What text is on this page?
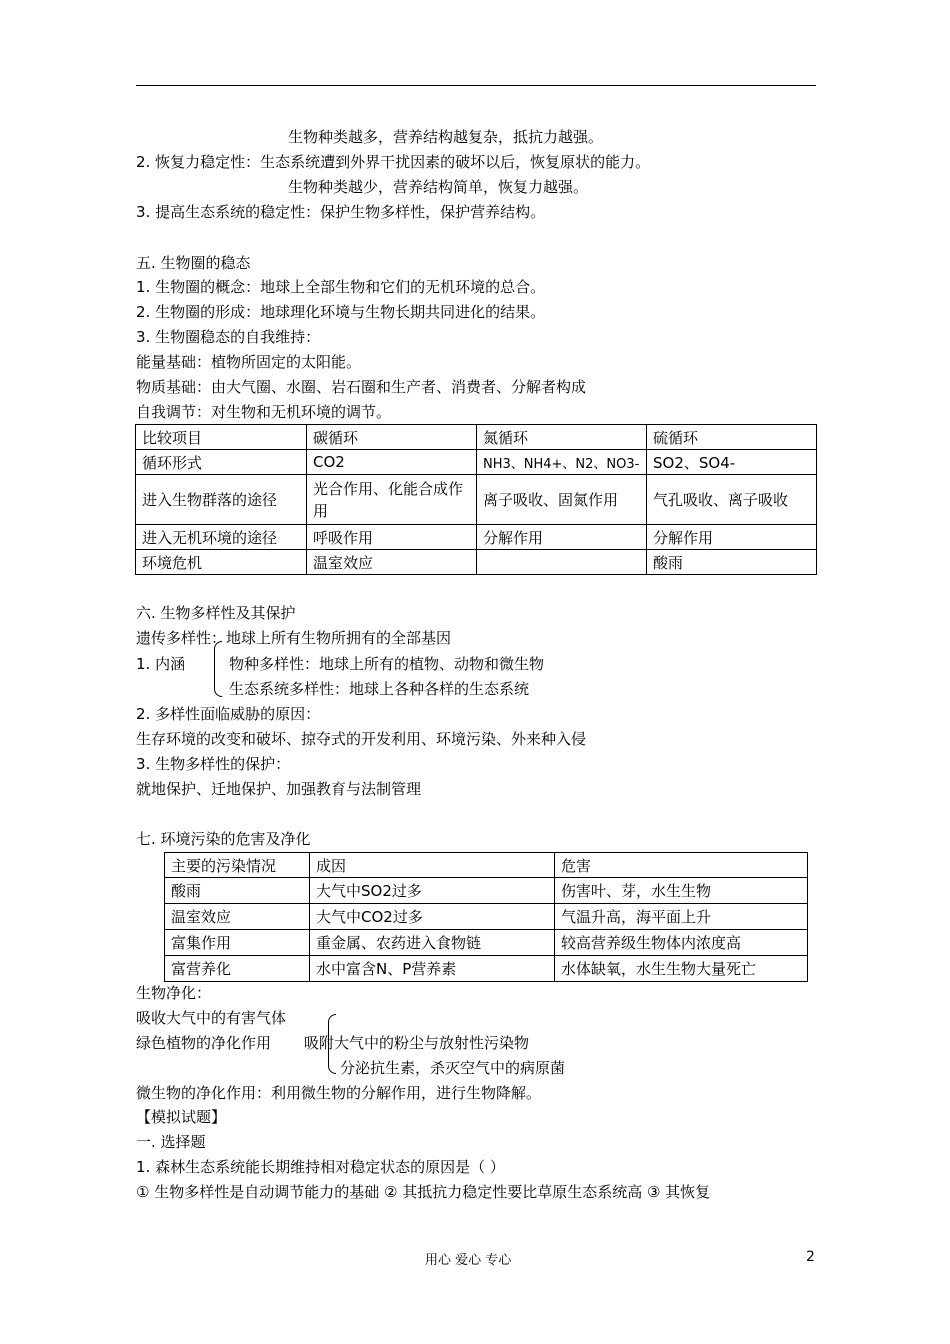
生物种类越多，营养结构越复杂，抵抗力越强。
2. 恢复力稳定性：生态系统遭到外界干扰因素的破坏以后，恢复原状的能力。
生物种类越少，营养结构简单，恢复力越强。
3. 提高生态系统的稳定性：保护生物多样性，保护营养结构。
五. 生物圈的稳态
1. 生物圈的概念：地球上全部生物和它们的无机环境的总合。
2. 生物圈的形成：地球理化环境与生物长期共同进化的结果。
3. 生物圈稳态的自我维持：
能量基础：植物所固定的太阳能。
物质基础：由大气圈、水圈、岩石圈和生产者、消费者、分解者构成
自我调节：对生物和无机环境的调节。
比较项目	碳循环	氮循环	硫循环
循环形式	CO2	NH3、NH4+、N2、NO3-	SO2、SO4-
进入生物群落的途径	光合作用、化能合成作用	离子吸收、固氮作用	气孔吸收、离子吸收
进入无机环境的途径	呼吸作用	分解作用	分解作用
环境危机	温室效应		酸雨
六. 生物多样性及其保护
遗传多样性：地球上所有生物所拥有的全部基因
1. 内涵	物种多样性：地球上所有的植物、动物和微生物
生态系统多样性：地球上各种各样的生态系统
2. 多样性面临威胁的原因：
生存环境的改变和破坏、掠夺式的开发利用、环境污染、外来种入侵
3. 生物多样性的保护：
就地保护、迁地保护、加强教育与法制管理
七. 环境污染的危害及净化
主要的污染情况	成因	危害
酸雨	大气中SO2过多	伤害叶、芽，水生生物
温室效应	大气中CO2过多	气温升高，海平面上升
富集作用	重金属、农药进入食物链	较高营养级生物体内浓度高
富营养化	水中富含N、P营养素	水体缺氧，水生生物大量死亡
生物净化：
吸收大气中的有害气体
绿色植物的净化作用 吸附大气中的粉尘与放射性污染物
分泌抗生素，杀灭空气中的病原菌
微生物的净化作用：利用微生物的分解作用，进行生物降解。
【模拟试题】
一. 选择题
1. 森林生态系统能长期维持相对稳定状态的原因是（ ）
① 生物多样性是自动调节能力的基础 ② 其抵抗力稳定性要比草原生态系统高 ③ 其恢复
用心 爱心 专心	2
